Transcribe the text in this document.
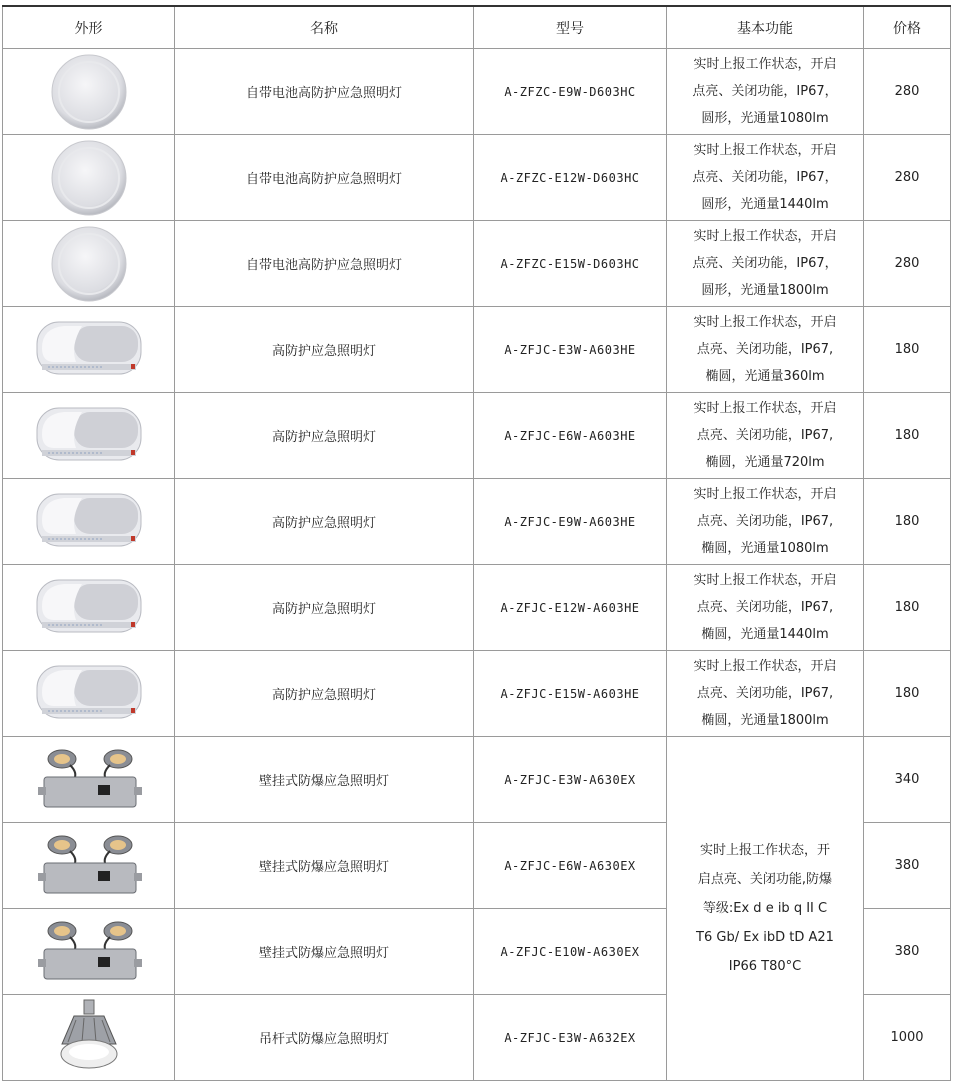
外形	名称	型号	基本功能	价格

	自带电池高防护应急照明灯	A-ZFZC-E9W-D603HC	实时上报工作状态，开启
点亮、关闭功能，IP67，
圆形，光通量1080lm	280

	自带电池高防护应急照明灯	A-ZFZC-E12W-D603HC	实时上报工作状态，开启
点亮、关闭功能，IP67，
圆形，光通量1440lm	280

	自带电池高防护应急照明灯	A-ZFZC-E15W-D603HC	实时上报工作状态，开启
点亮、关闭功能，IP67，
圆形，光通量1800lm	280

	高防护应急照明灯	A-ZFJC-E3W-A603HE	实时上报工作状态，开启
点亮、关闭功能，IP67,
椭圆，光通量360lm	180

	高防护应急照明灯	A-ZFJC-E6W-A603HE	实时上报工作状态，开启
点亮、关闭功能，IP67,
椭圆，光通量720lm	180

	高防护应急照明灯	A-ZFJC-E9W-A603HE	实时上报工作状态，开启
点亮、关闭功能，IP67,
椭圆，光通量1080lm	180

	高防护应急照明灯	A-ZFJC-E12W-A603HE	实时上报工作状态，开启
点亮、关闭功能，IP67,
椭圆，光通量1440lm	180

	高防护应急照明灯	A-ZFJC-E15W-A603HE	实时上报工作状态，开启
点亮、关闭功能，IP67,
椭圆，光通量1800lm	180

	壁挂式防爆应急照明灯	A-ZFJC-E3W-A630EX	实时上报工作状态，开
启点亮、关闭功能,防爆
等级:Ex d e ib q II C
T6 Gb/ Ex ibD tD A21
IP66 T80°C	340

	壁挂式防爆应急照明灯	A-ZFJC-E6W-A630EX		380

	壁挂式防爆应急照明灯	A-ZFJC-E10W-A630EX		380

	吊杆式防爆应急照明灯	A-ZFJC-E3W-A632EX		1000
